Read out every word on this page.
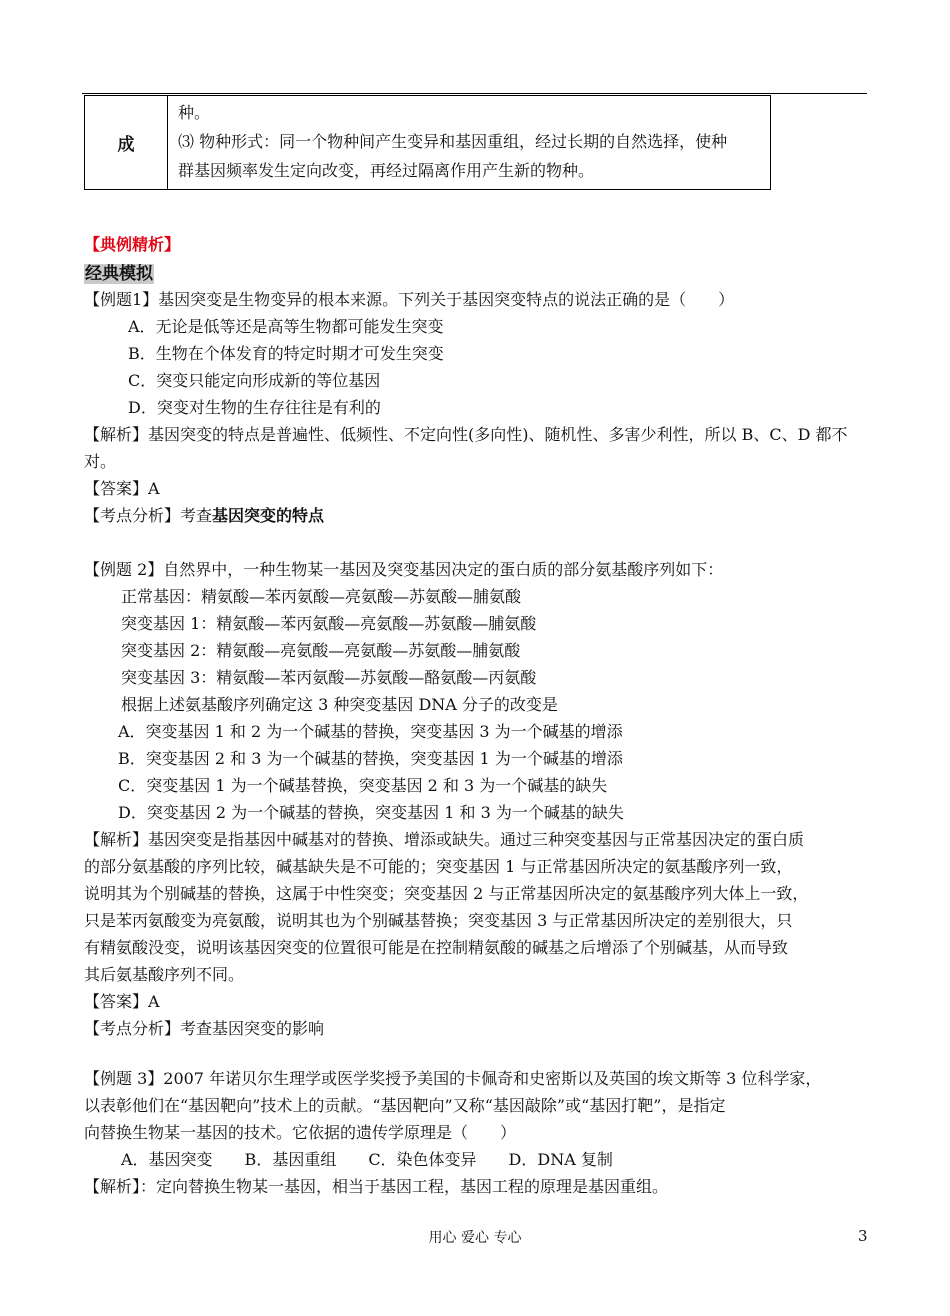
成	
种。
⑶ 物种形式：同一个物种间产生变异和基因重组，经过长期的自然选择，使种
群基因频率发生定向改变，再经过隔离作用产生新的物种。
【典例精析】
经典模拟
【例题1】基因突变是生物变异的根本来源。下列关于基因突变特点的说法正确的是（　　）
A．无论是低等还是高等生物都可能发生突变
B．生物在个体发育的特定时期才可发生突变
C．突变只能定向形成新的等位基因
D．突变对生物的生存往往是有利的
【解析】基因突变的特点是普遍性、低频性、不定向性(多向性)、随机性、多害少利性，所以 B、C、D 都不
对。
【答案】A
【考点分析】考查基因突变的特点
【例题 2】自然界中，一种生物某一基因及突变基因决定的蛋白质的部分氨基酸序列如下：
正常基因：精氨酸—苯丙氨酸—亮氨酸—苏氨酸—脯氨酸
突变基因 1：精氨酸—苯丙氨酸—亮氨酸—苏氨酸—脯氨酸
突变基因 2：精氨酸—亮氨酸—亮氨酸—苏氨酸—脯氨酸
突变基因 3：精氨酸—苯丙氨酸—苏氨酸—酪氨酸—丙氨酸
根据上述氨基酸序列确定这 3 种突变基因 DNA 分子的改变是
A．突变基因 1 和 2 为一个碱基的替换，突变基因 3 为一个碱基的增添
B．突变基因 2 和 3 为一个碱基的替换，突变基因 1 为一个碱基的增添
C．突变基因 1 为一个碱基替换，突变基因 2 和 3 为一个碱基的缺失
D．突变基因 2 为一个碱基的替换，突变基因 1 和 3 为一个碱基的缺失
【解析】基因突变是指基因中碱基对的替换、增添或缺失。通过三种突变基因与正常基因决定的蛋白质
的部分氨基酸的序列比较，碱基缺失是不可能的；突变基因 1 与正常基因所决定的氨基酸序列一致，
说明其为个别碱基的替换，这属于中性突变；突变基因 2 与正常基因所决定的氨基酸序列大体上一致，
只是苯丙氨酸变为亮氨酸，说明其也为个别碱基替换；突变基因 3 与正常基因所决定的差别很大，只
有精氨酸没变，说明该基因突变的位置很可能是在控制精氨酸的碱基之后增添了个别碱基，从而导致
其后氨基酸序列不同。
【答案】A
【考点分析】考查基因突变的影响
【例题 3】2007 年诺贝尔生理学或医学奖授予美国的卡佩奇和史密斯以及英国的埃文斯等 3 位科学家，
以表彰他们在“基因靶向”技术上的贡献。“基因靶向”又称“基因敲除”或“基因打靶”，是指定
向替换生物某一基因的技术。它依据的遗传学原理是（　　）
A．基因突变　　B．基因重组　　C．染色体变异　　D．DNA 复制
【解析】：定向替换生物某一基因，相当于基因工程，基因工程的原理是基因重组。
用心 爱心 专心	3
